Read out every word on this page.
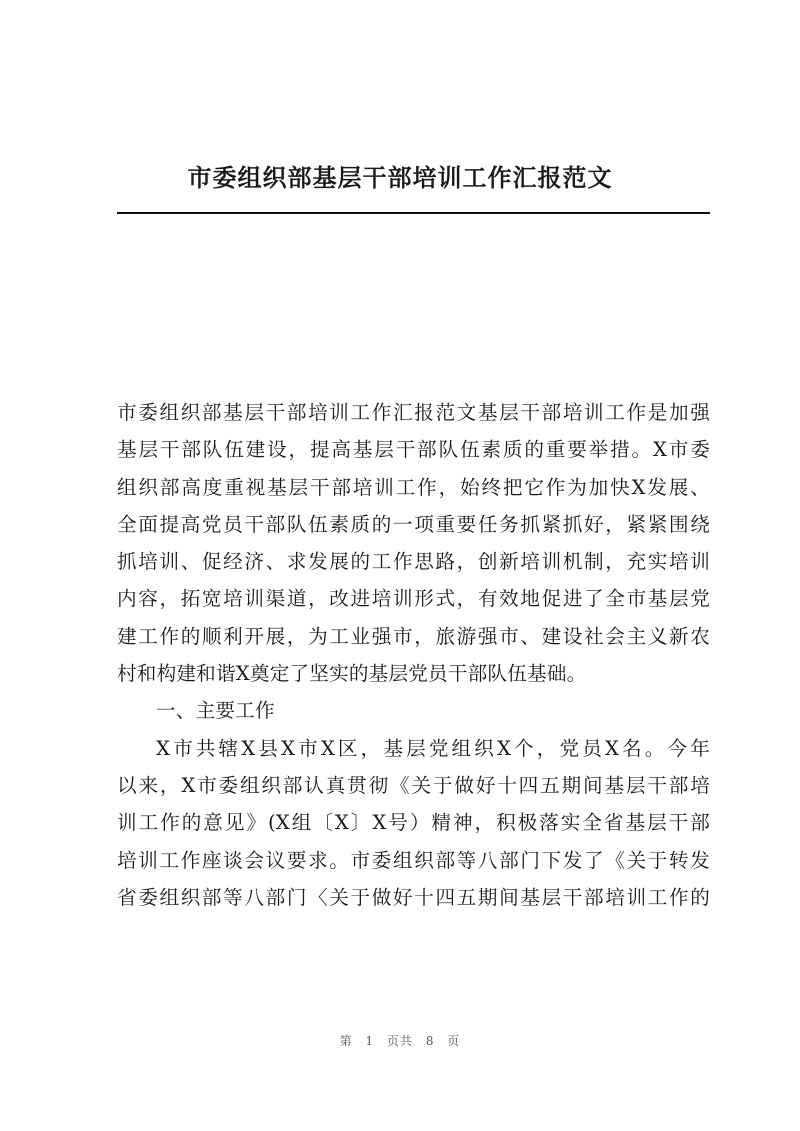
市委组织部基层干部培训工作汇报范文
市委组织部基层干部培训工作汇报范文基层干部培训工作是加强
基层干部队伍建设，提高基层干部队伍素质的重要举措。X市委
组织部高度重视基层干部培训工作，始终把它作为加快X发展、
全面提高党员干部队伍素质的一项重要任务抓紧抓好，紧紧围绕
抓培训、促经济、求发展的工作思路，创新培训机制，充实培训
内容，拓宽培训渠道，改进培训形式，有效地促进了全市基层党
建工作的顺利开展，为工业强市，旅游强市、建设社会主义新农
村和构建和谐X奠定了坚实的基层党员干部队伍基础。
一、主要工作
X市共辖X县X市X区，基层党组织X个，党员X名。今年
以来，X市委组织部认真贯彻《关于做好十四五期间基层干部培
训工作的意见》(X组〔X〕X号）精神，积极落实全省基层干部
培训工作座谈会议要求。市委组织部等八部门下发了《关于转发
省委组织部等八部门〈关于做好十四五期间基层干部培训工作的
第 1 页共 8 页
